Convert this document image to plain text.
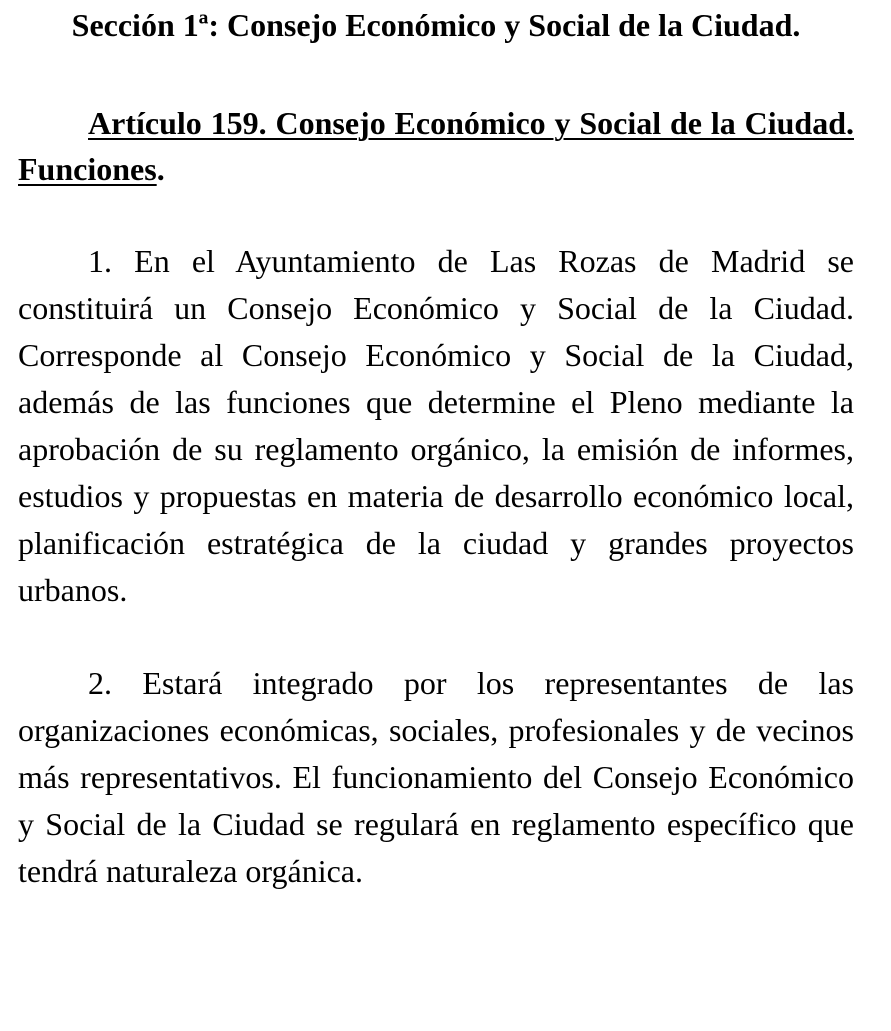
Sección 1ª: Consejo Económico y Social de la Ciudad.
Artículo 159. Consejo Económico y Social de la Ciudad. Funciones.

1. En el Ayuntamiento de Las Rozas de Madrid se constituirá un Consejo Económico y Social de la Ciudad. Corresponde al Consejo Económico y Social de la Ciudad, además de las funciones que determine el Pleno mediante la aprobación de su reglamento orgánico, la emisión de informes, estudios y propuestas en materia de desarrollo económico local, planificación estratégica de la ciudad y grandes proyectos urbanos.

2. Estará integrado por los representantes de las organizaciones económicas, sociales, profesionales y de vecinos más representativos. El funcionamiento del Consejo Económico y Social de la Ciudad se regulará en reglamento específico que tendrá naturaleza orgánica.
